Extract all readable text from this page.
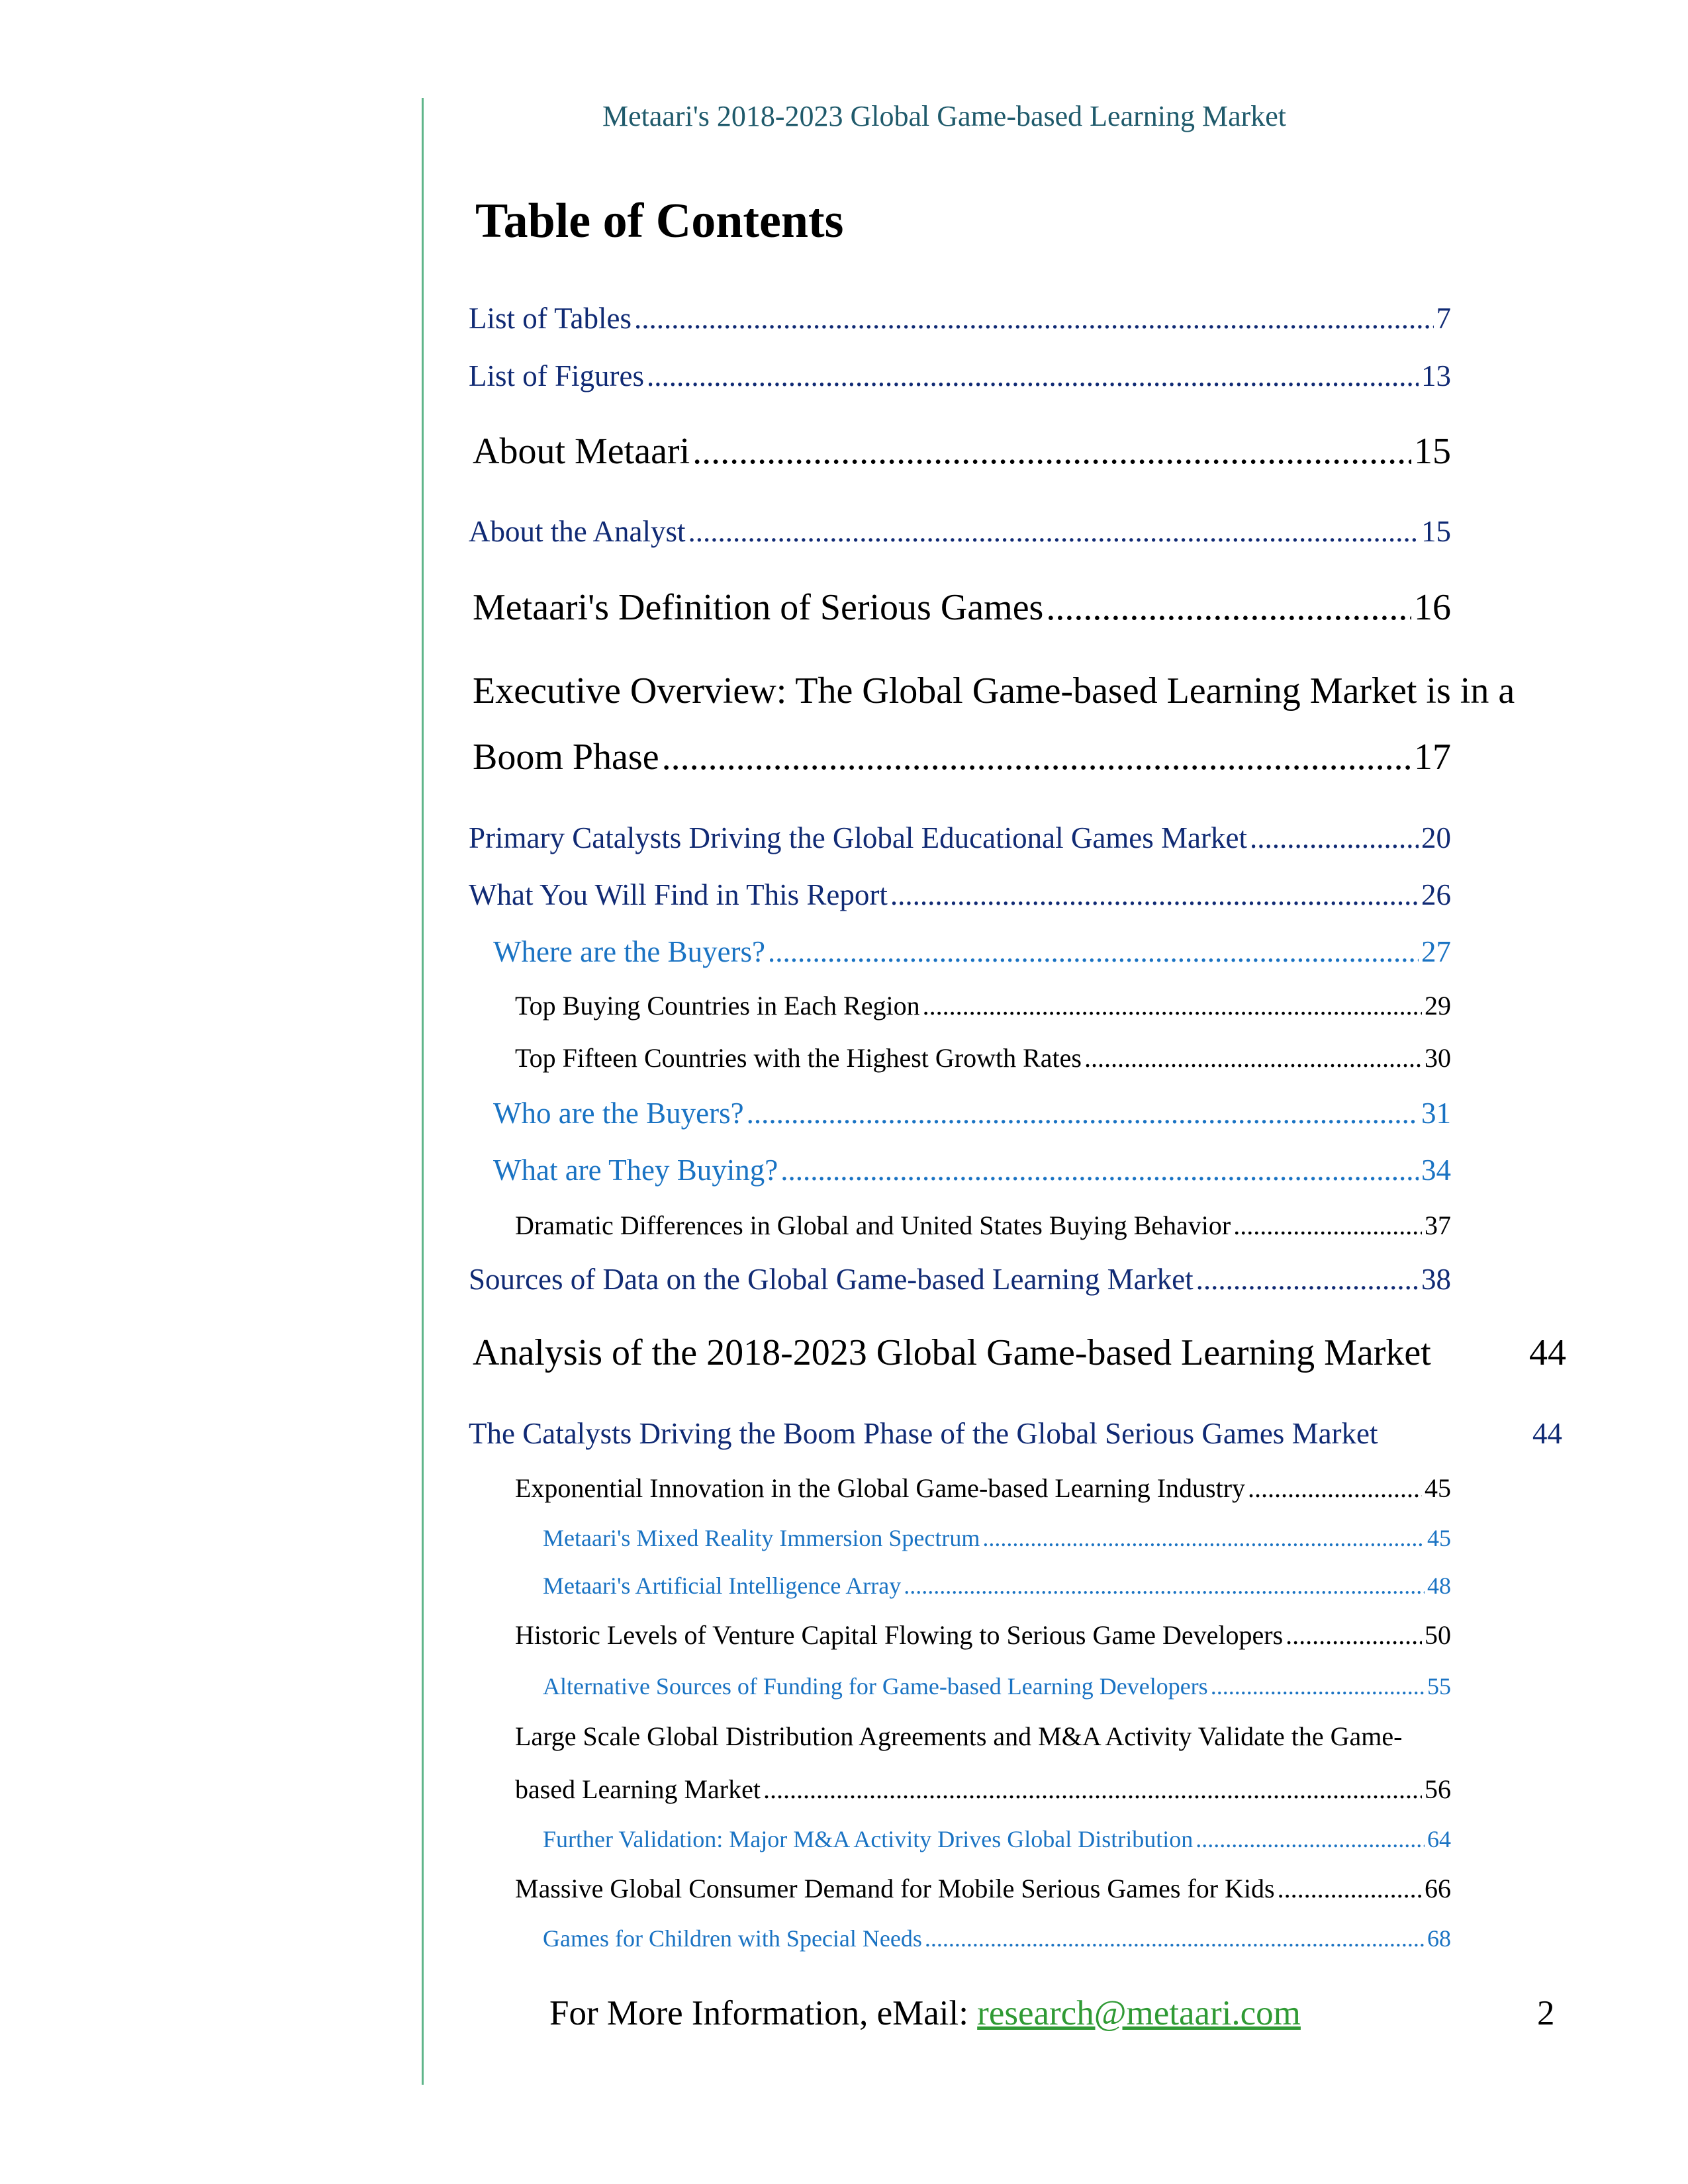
Metaari's 2018-2023 Global Game-based Learning Market
Table of Contents
List of Tables .....	7
List of Figures .....	13
About Metaari .....	15
About the Analyst .....	15
Metaari's Definition of Serious Games .....	16
Executive Overview: The Global Game-based Learning Market is in a
Boom Phase .....	17
Primary Catalysts Driving the Global Educational Games Market .....	20
What You Will Find in This Report .....	26
Where are the Buyers? .....	27
Top Buying Countries in Each Region .....	29
Top Fifteen Countries with the Highest Growth Rates .....	30
Who are the Buyers? .....	31
What are They Buying? .....	34
Dramatic Differences in Global and United States Buying Behavior .....	37
Sources of Data on the Global Game-based Learning Market .....	38
Analysis of the 2018-2023 Global Game-based Learning Market	44
The Catalysts Driving the Boom Phase of the Global Serious Games Market	44
Exponential Innovation in the Global Game-based Learning Industry .....	45
Metaari's Mixed Reality Immersion Spectrum .....	45
Metaari's Artificial Intelligence Array .....	48
Historic Levels of Venture Capital Flowing to Serious Game Developers .....	50
Alternative Sources of Funding for Game-based Learning Developers .....	55
Large Scale Global Distribution Agreements and M&A Activity Validate the Game-
based Learning Market .....	56
Further Validation: Major M&A Activity Drives Global Distribution .....	64
Massive Global Consumer Demand for Mobile Serious Games for Kids .....	66
Games for Children with Special Needs .....	68
For More Information, eMail: research@metaari.com	2
